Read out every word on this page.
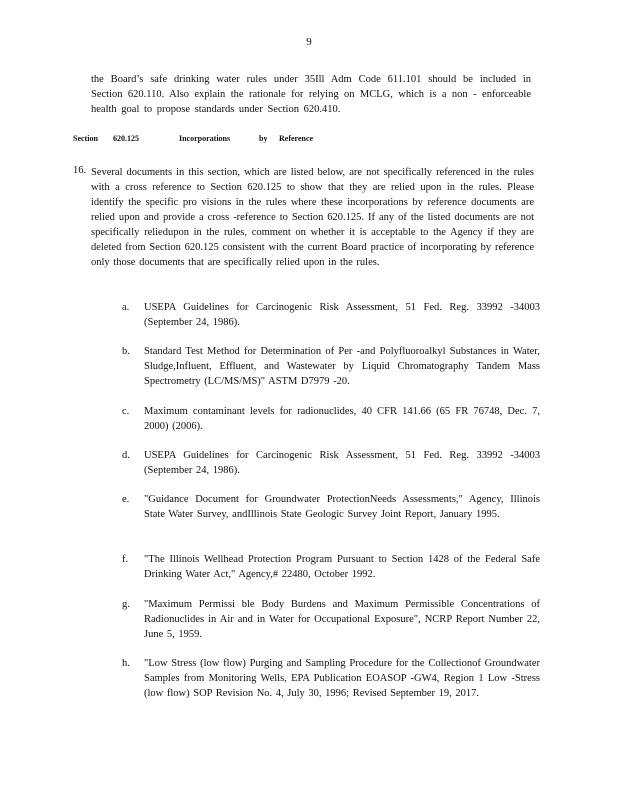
9

the Board’s safe drinking water rules under 35Ill Adm Code 611.101 should be included in Section 620.110. Also explain the rationale for relying on MCLG, which is a non - enforceable health goal to propose standards under Section 620.410.

Section 620.125	Incorporations	by Reference
16. Several documents in this section, which are listed below, are not specifically referenced in the rules with a cross reference to Section 620.125 to show that they are relied upon in the rules. Please identify the specific pro visions in the rules where these incorporations by reference documents are relied upon and provide a cross -reference to Section 620.125. If any of the listed documents are not specifically reliedupon in the rules, comment on whether it is acceptable to the Agency if they are deleted from Section 620.125 consistent with the current Board practice of incorporating by reference only those documents that are specifically relied upon in the rules.

a. USEPA Guidelines for Carcinogenic Risk Assessment, 51 Fed. Reg. 33992 -34003 (September 24, 1986).
b. Standard Test Method for Determination of Per -and Polyfluoroalkyl Substances in Water, Sludge,Influent, Effluent, and Wastewater by Liquid Chromatography Tandem Mass Spectrometry (LC/MS/MS)" ASTM D7979 -20.
c. Maximum contaminant levels for radionuclides, 40 CFR 141.66 (65 FR 76748, Dec. 7, 2000) (2006).
d. USEPA Guidelines for Carcinogenic Risk Assessment, 51 Fed. Reg. 33992 -34003 (September 24, 1986).
e. "Guidance Document for Groundwater ProtectionNeeds Assessments," Agency, Illinois State Water Survey, andIllinois State Geologic Survey Joint Report, January 1995.
f. "The Illinois Wellhead Protection Program Pursuant to Section 1428 of the Federal Safe Drinking Water Act," Agency,# 22480, October 1992.
g. "Maximum Permissi ble Body Burdens and Maximum Permissible Concentrations of Radionuclides in Air and in Water for Occupational Exposure", NCRP Report Number 22, June 5, 1959.
h. "Low Stress (low flow) Purging and Sampling Procedure for the Collectionof Groundwater Samples from Monitoring Wells, EPA Publication EOASOP -GW4, Region 1 Low -Stress (low flow) SOP Revision No. 4, July 30, 1996; Revised September 19, 2017.
